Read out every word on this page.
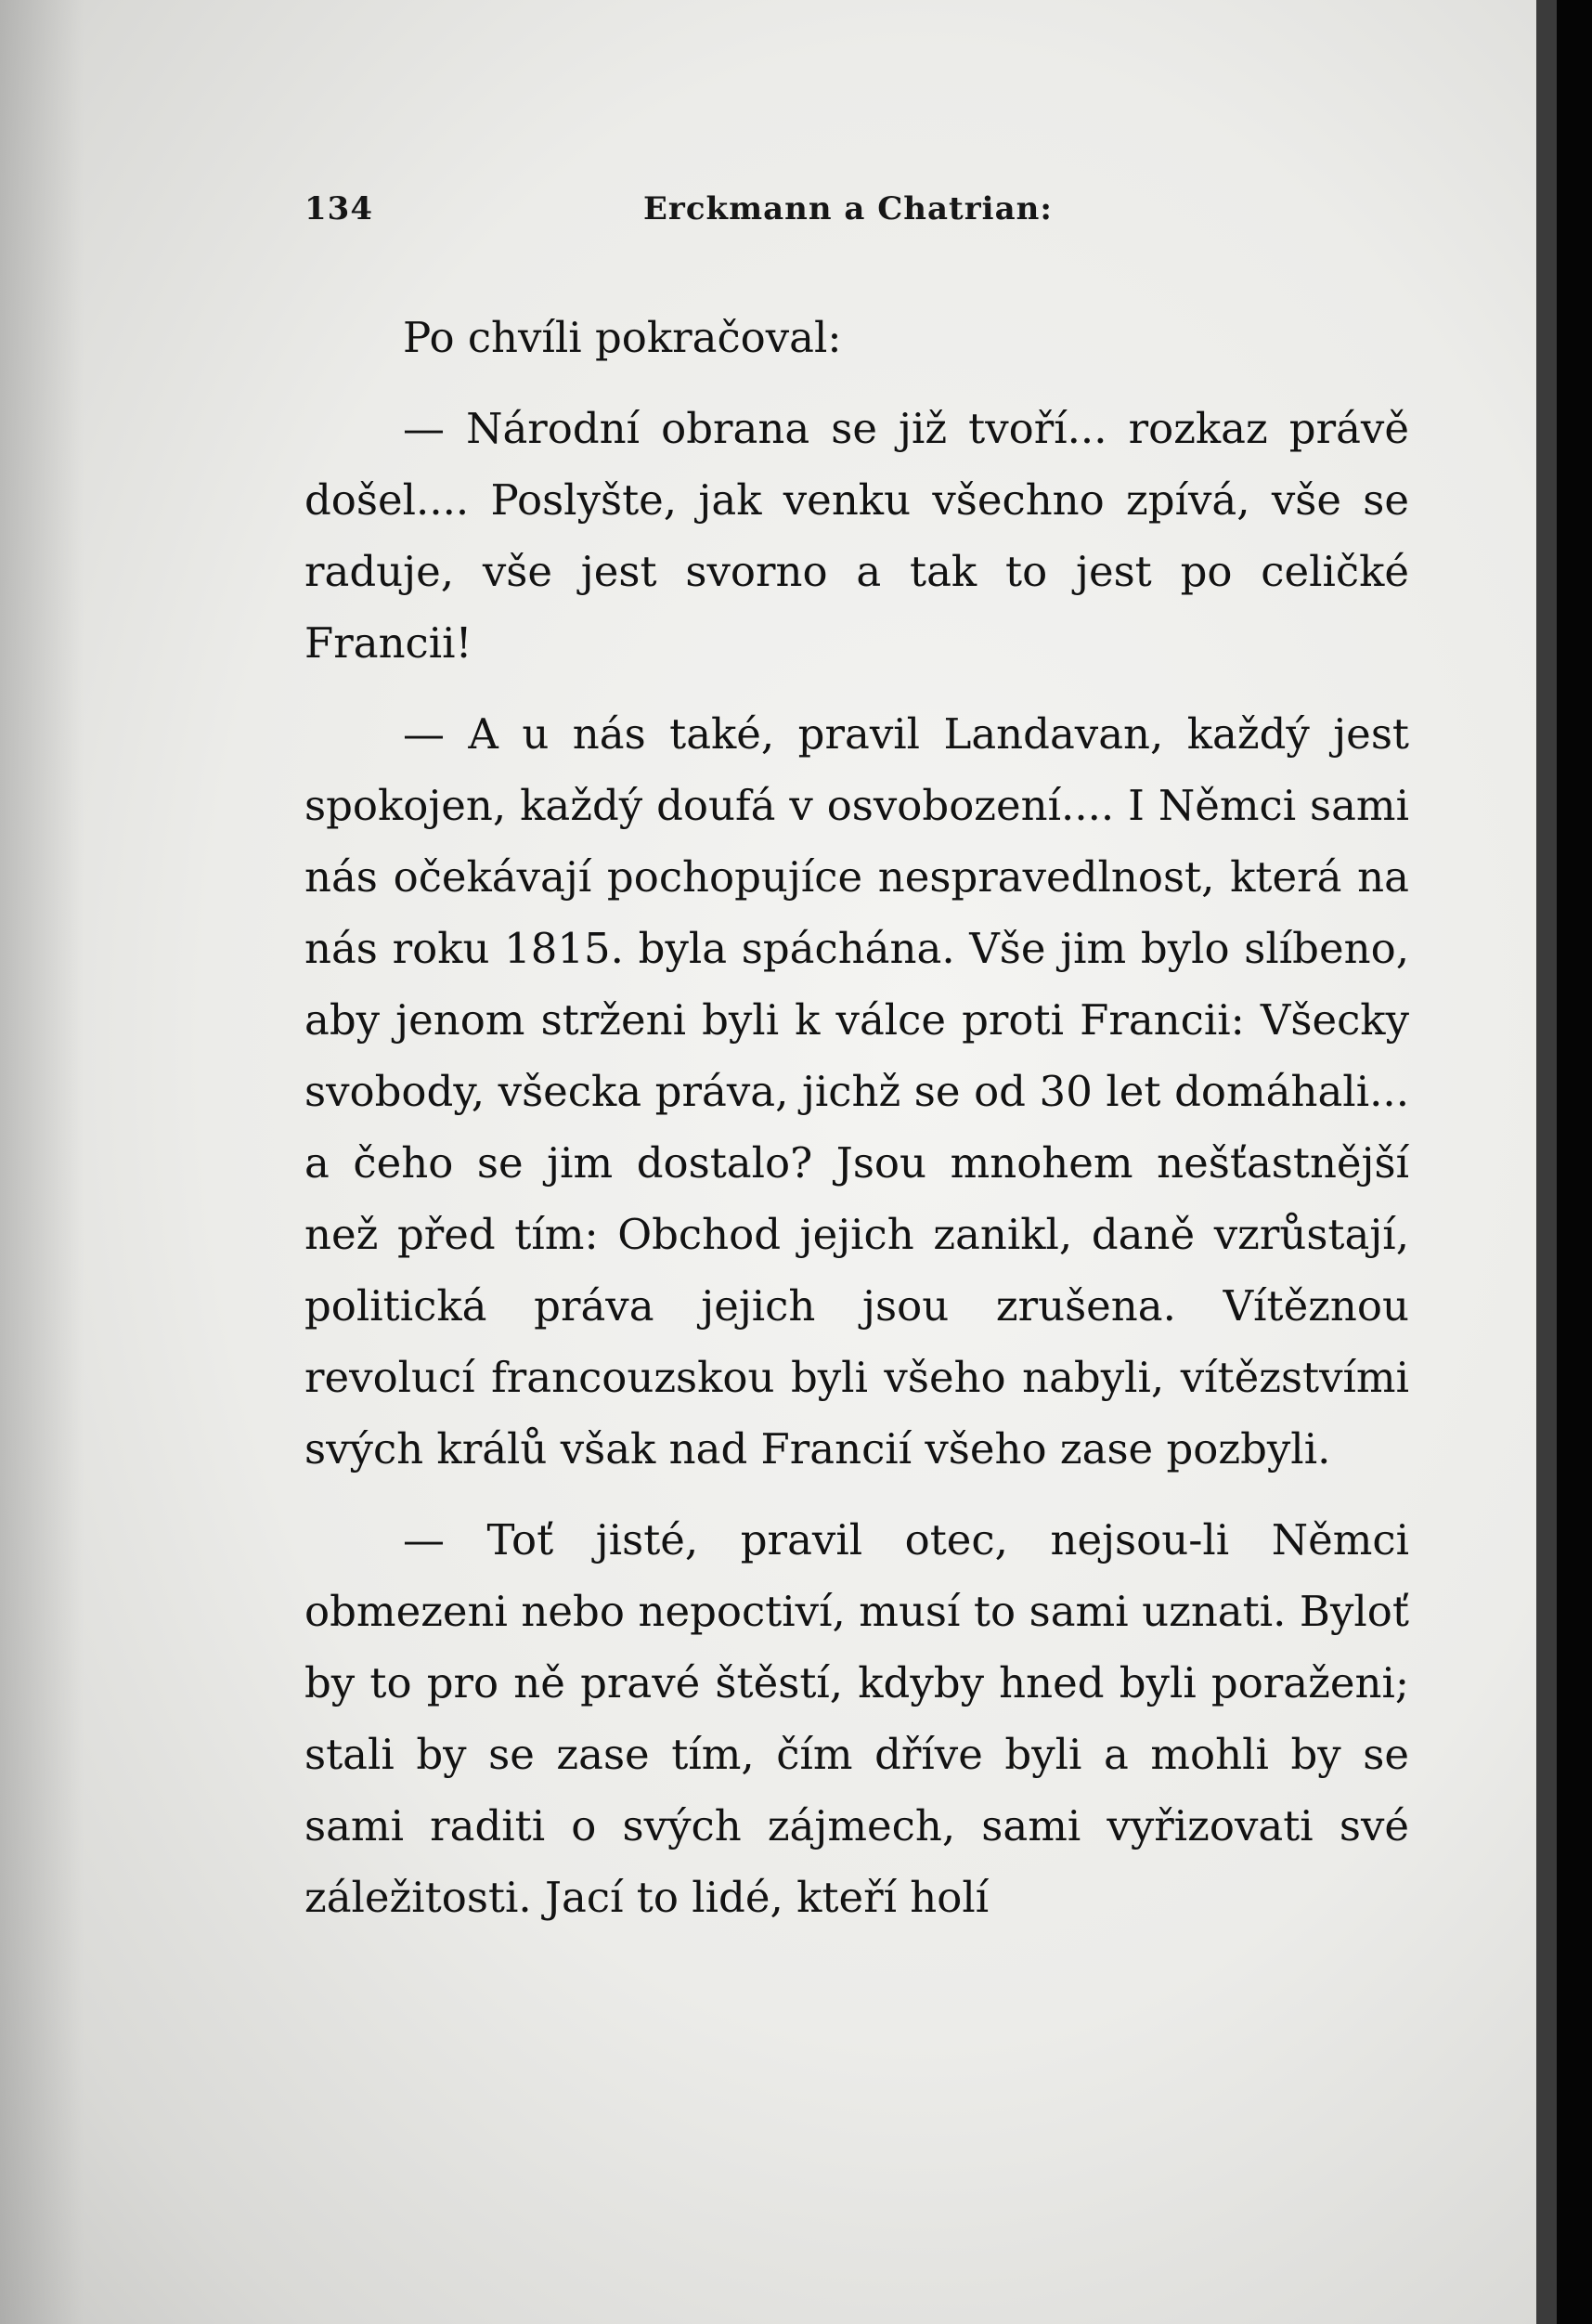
134	Erckmann a Chatrian:

Po chvíli pokračoval:

— Národní obrana se již tvoří... rozkaz právě došel.... Poslyšte, jak venku všechno zpívá, vše se raduje, vše jest svorno a tak to jest po celičké Francii!

— A u nás také, pravil Landavan, každý jest spokojen, každý doufá v osvobození.... I Němci sami nás očekávají pochopujíce nespravedlnost, která na nás roku 1815. byla spáchána. Vše jim bylo slíbeno, aby jenom strženi byli k válce proti Francii: Všecky svobody, všecka práva, jichž se od 30 let domáhali... a čeho se jim dostalo? Jsou mnohem nešťastnější než před tím: Obchod jejich zanikl, daně vzrůstají, politická práva jejich jsou zrušena. Vítěznou revolucí francouzskou byli všeho nabyli, vítězstvími svých králů však nad Francií všeho zase pozbyli.

— Toť jisté, pravil otec, nejsou-li Němci obmezeni nebo nepoctiví, musí to sami uznati. Byloť by to pro ně pravé štěstí, kdyby hned byli poraženi; stali by se zase tím, čím dříve byli a mohli by se sami raditi o svých zájmech, sami vyřizovati své záležitosti. Jací to lidé, kteří holí
